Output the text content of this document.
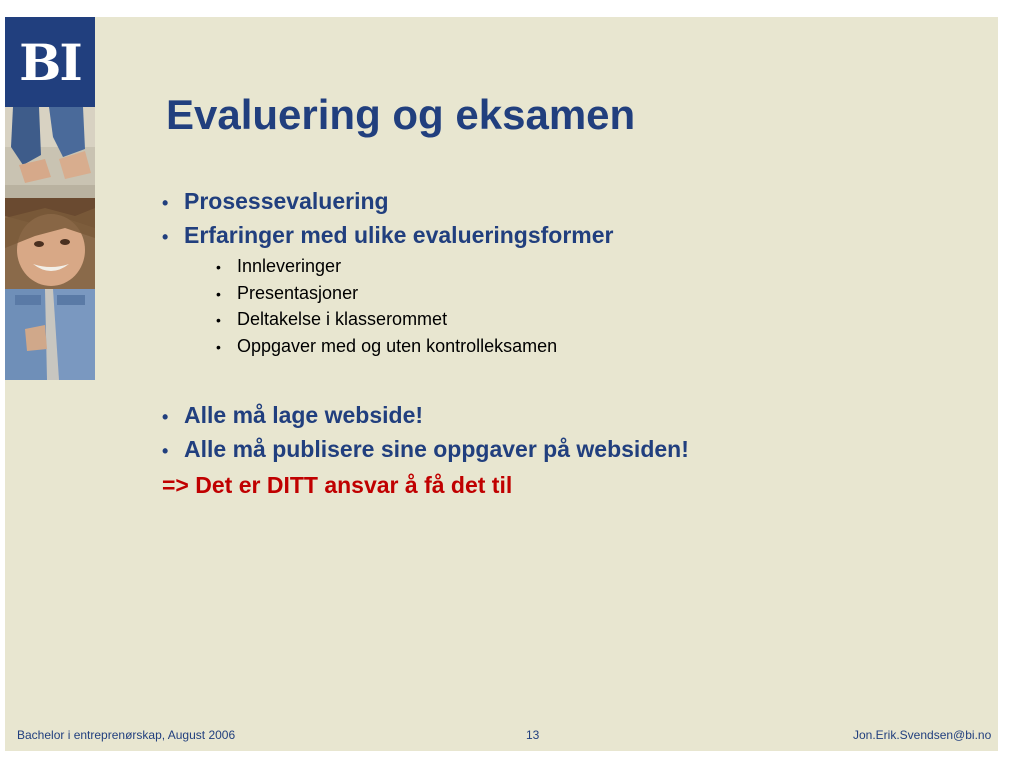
BI
Evaluering og eksamen
• Prosessevaluering
• Erfaringer med ulike evalueringsformer
• Innleveringer
• Presentasjoner
• Deltakelse i klasserommet
• Oppgaver med og uten kontrolleksamen
• Alle må lage webside!
• Alle må publisere sine oppgaver på websiden!
=> Det er DITT ansvar å få det til
Bachelor i entreprenørskap, August 2006	13	Jon.Erik.Svendsen@bi.no
